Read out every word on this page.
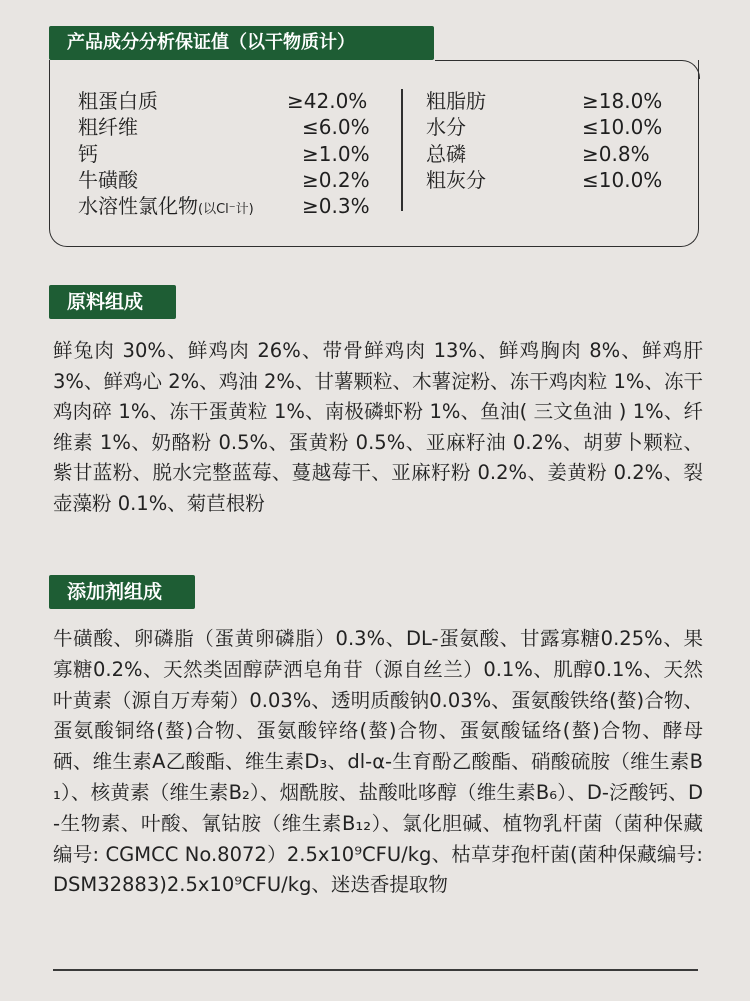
产品成分分析保证值（以干物质计）
粗蛋白质	≥42.0%
粗纤维	≤6.0%
钙	≥1.0%
牛磺酸	≥0.2%
水溶性氯化物(以Cl⁻计) ≥0.3%
粗脂肪	≥18.0%
水分	≤10.0%
总磷	≥0.8%
粗灰分	≤10.0%
原料组成
鲜兔肉 30%、鲜鸡肉 26%、带骨鲜鸡肉 13%、鲜鸡胸肉 8%、鲜鸡肝 3%、鲜鸡心 2%、鸡油 2%、甘薯颗粒、木薯淀粉、冻干鸡肉粒 1%、冻干鸡肉碎 1%、冻干蛋黄粒 1%、南极磷虾粉 1%、鱼油( 三文鱼油 ) 1%、纤维素 1%、奶酪粉 0.5%、蛋黄粉 0.5%、亚麻籽油 0.2%、胡萝卜颗粒、紫甘蓝粉、脱水完整蓝莓、蔓越莓干、亚麻籽粉 0.2%、姜黄粉 0.2%、裂壶藻粉 0.1%、菊苣根粉
添加剂组成
牛磺酸、卵磷脂（蛋黄卵磷脂）0.3%、DL-蛋氨酸、甘露寡糖0.25%、果寡糖0.2%、天然类固醇萨洒皂角苷（源自丝兰）0.1%、肌醇0.1%、天然叶黄素（源自万寿菊）0.03%、透明质酸钠0.03%、蛋氨酸铁络(螯)合物、蛋氨酸铜络(螯)合物、蛋氨酸锌络(螯)合物、蛋氨酸锰络(螯)合物、酵母硒、维生素A乙酸酯、维生素D₃、dl-α-生育酚乙酸酯、硝酸硫胺（维生素B₁）、核黄素（维生素B₂）、烟酰胺、盐酸吡哆醇（维生素B₆）、D-泛酸钙、D-生物素、叶酸、氰钴胺（维生素B₁₂）、氯化胆碱、植物乳杆菌（菌种保藏编号: CGMCC No.8072）2.5x10⁹CFU/kg、枯草芽孢杆菌(菌种保藏编号: DSM32883)2.5x10⁹CFU/kg、迷迭香提取物
